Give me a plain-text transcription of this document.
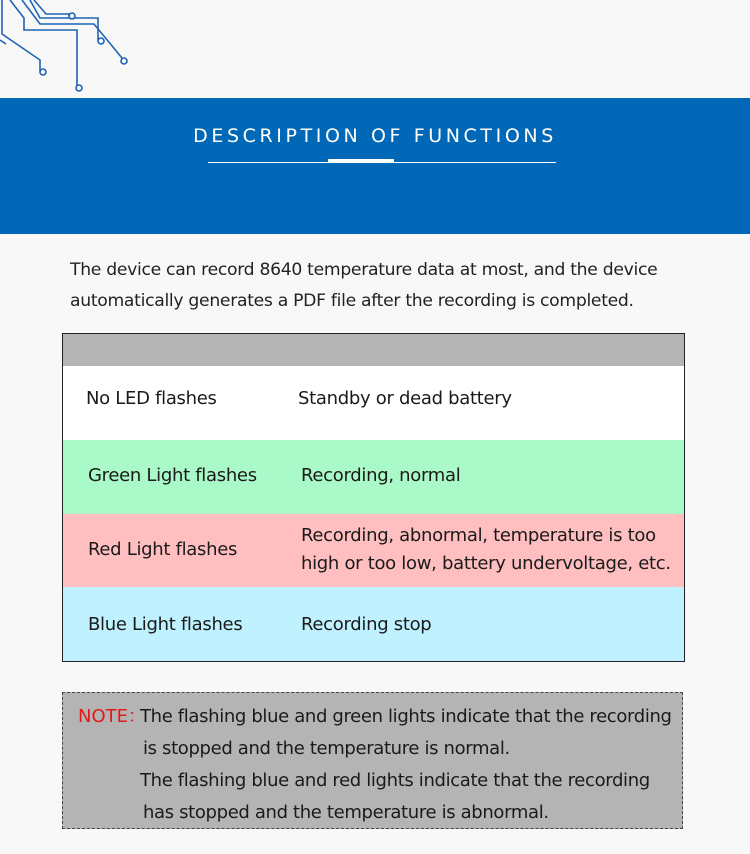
DESCRIPTION OF FUNCTIONS
The device can record 8640 temperature data at most, and the device automatically generates a PDF file after the recording is completed.
No LED flashes	Standby or dead battery
Green Light flashes Recording, normal
Red Light flashes
Recording, abnormal, temperature is too high or too low, battery undervoltage, etc.
Blue Light flashes	Recording stop
NOTE：

The flashing blue and green lights indicate that the recording is stopped and the temperature is normal.

The flashing blue and red lights indicate that the recording has stopped and the temperature is abnormal.
